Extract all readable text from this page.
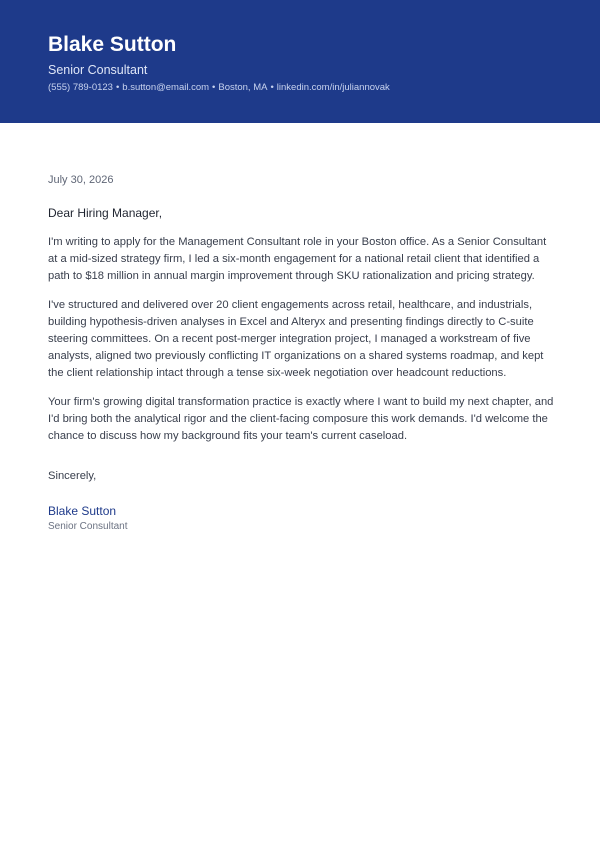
Blake Sutton
Senior Consultant
(555) 789-0123 • b.sutton@email.com • Boston, MA • linkedin.com/in/juliannovak
July 30, 2026
Dear Hiring Manager,

I'm writing to apply for the Management Consultant role in your Boston office. As a Senior Consultant at a mid-sized strategy firm, I led a six-month engagement for a national retail client that identified a path to $18 million in annual margin improvement through SKU rationalization and pricing strategy.

I've structured and delivered over 20 client engagements across retail, healthcare, and industrials, building hypothesis-driven analyses in Excel and Alteryx and presenting findings directly to C-suite steering committees. On a recent post-merger integration project, I managed a workstream of five analysts, aligned two previously conflicting IT organizations on a shared systems roadmap, and kept the client relationship intact through a tense six-week negotiation over headcount reductions.

Your firm's growing digital transformation practice is exactly where I want to build my next chapter, and I'd bring both the analytical rigor and the client-facing composure this work demands. I'd welcome the chance to discuss how my background fits your team's current caseload.

Sincerely,
Blake Sutton
Senior Consultant
